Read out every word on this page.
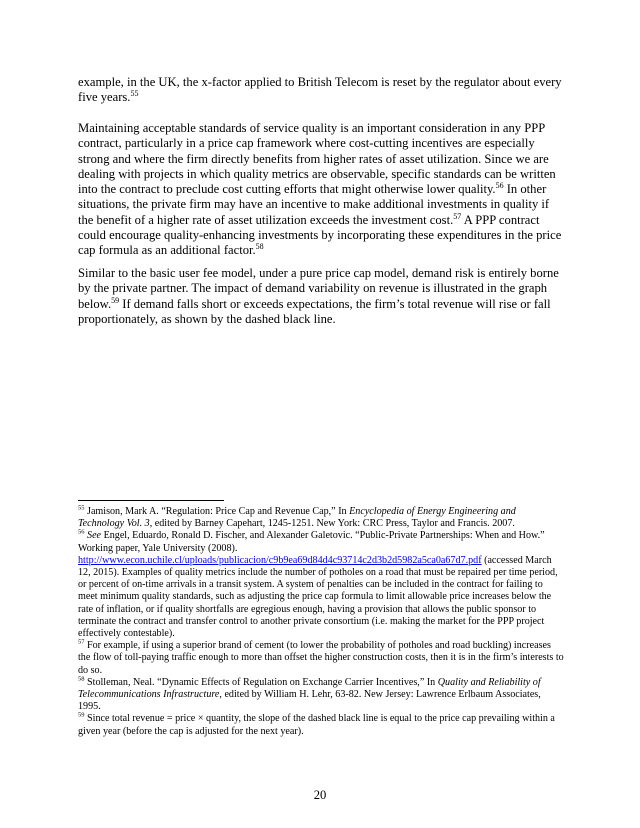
example, in the UK, the x-factor applied to British Telecom is reset by the regulator about every five years.$^{55}$
Maintaining acceptable standards of service quality is an important consideration in any PPP contract, particularly in a price cap framework where cost-cutting incentives are especially strong and where the firm directly benefits from higher rates of asset utilization. Since we are dealing with projects in which quality metrics are observable, specific standards can be written into the contract to preclude cost cutting efforts that might otherwise lower quality.$^{56}$ In other situations, the private firm may have an incentive to make additional investments in quality if the benefit of a higher rate of asset utilization exceeds the investment cost.$^{57}$ A PPP contract could encourage quality-enhancing investments by incorporating these expenditures in the price cap formula as an additional factor.$^{58}$
Similar to the basic user fee model, under a pure price cap model, demand risk is entirely borne by the private partner. The impact of demand variability on revenue is illustrated in the graph below.$^{59}$ If demand falls short or exceeds expectations, the firm’s total revenue will rise or fall proportionately, as shown by the dashed black line.

$^{55}$ Jamison, Mark A. “Regulation: Price Cap and Revenue Cap,” In Encyclopedia of Energy Engineering and Technology Vol. 3, edited by Barney Capehart, 1245-1251. New York: CRC Press, Taylor and Francis. 2007.

$^{56}$ See Engel, Eduardo, Ronald D. Fischer, and Alexander Galetovic. “Public-Private Partnerships: When and How.” Working paper, Yale University (2008).
http://www.econ.uchile.cl/uploads/publicacion/c9b9ea69d84d4c93714c2d3b2d5982a5ca0a67d7.pdf (accessed March 12, 2015). Examples of quality metrics include the number of potholes on a road that must be repaired per time period, or percent of on-time arrivals in a transit system. A system of penalties can be included in the contract for failing to meet minimum quality standards, such as adjusting the price cap formula to limit allowable price increases below the rate of inflation, or if quality shortfalls are egregious enough, having a provision that allows the public sponsor to terminate the contract and transfer control to another private consortium (i.e. making the market for the PPP project effectively contestable).

$^{57}$ For example, if using a superior brand of cement (to lower the probability of potholes and road buckling) increases the flow of toll-paying traffic enough to more than offset the higher construction costs, then it is in the firm’s interests to do so.

$^{58}$ Stolleman, Neal. “Dynamic Effects of Regulation on Exchange Carrier Incentives,” In Quality and Reliability of Telecommunications Infrastructure, edited by William H. Lehr, 63-82. New Jersey: Lawrence Erlbaum Associates, 1995.

$^{59}$ Since total revenue = price × quantity, the slope of the dashed black line is equal to the price cap prevailing within a given year (before the cap is adjusted for the next year).

20
